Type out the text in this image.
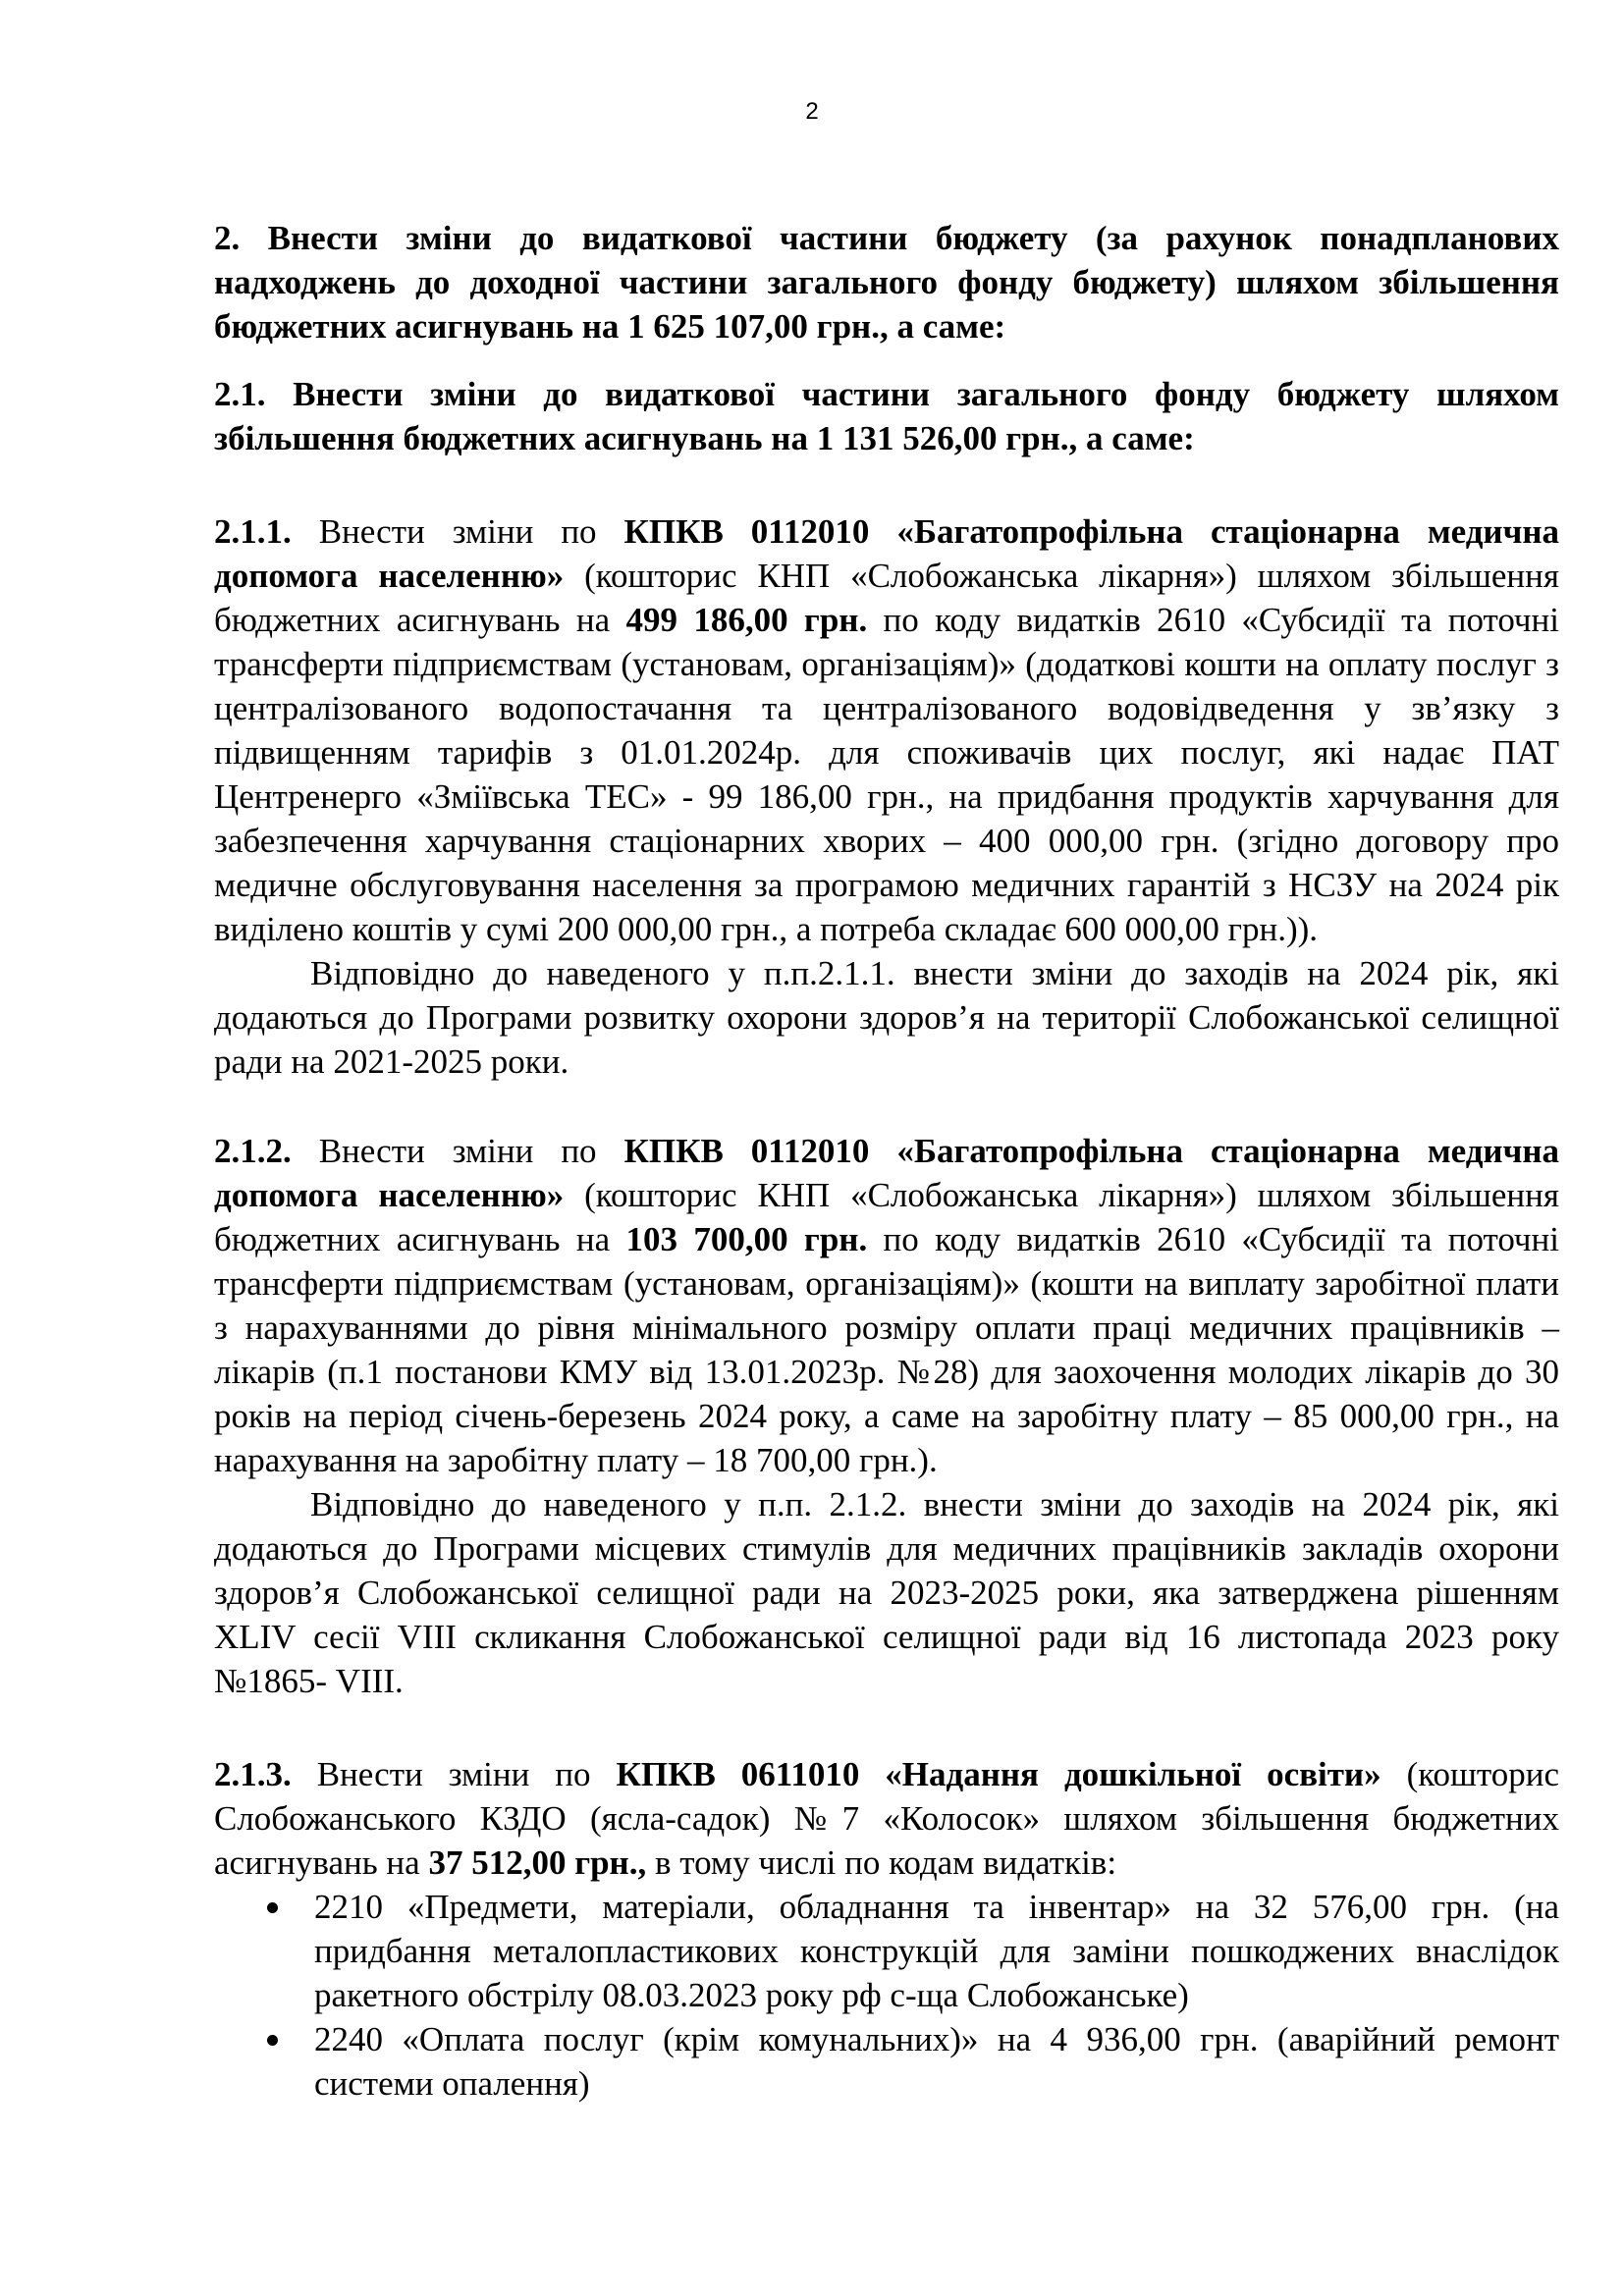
2

2. Внести зміни до видаткової частини бюджету (за рахунок понадпланових надходжень до доходної частини загального фонду бюджету) шляхом збільшення бюджетних асигнувань на 1 625 107,00 грн., а саме:

2.1. Внести зміни до видаткової частини загального фонду бюджету шляхом збільшення бюджетних асигнувань на 1 131 526,00 грн., а саме:

2.1.1. Внести зміни по КПКВ 0112010 «Багатопрофільна стаціонарна медична допомога населенню» (кошторис КНП «Слобожанська лікарня») шляхом збільшення бюджетних асигнувань на 499 186,00 грн. по коду видатків 2610 «Субсидії та поточні трансферти підприємствам (установам, організаціям)» (додаткові кошти на оплату послуг з централізованого водопостачання та централізованого водовідведення у зв’язку з підвищенням тарифів з 01.01.2024р. для споживачів цих послуг, які надає ПАТ Центренерго «Зміївська ТЕС» - 99 186,00 грн., на придбання продуктів харчування для забезпечення харчування стаціонарних хворих – 400 000,00 грн. (згідно договору про медичне обслуговування населення за програмою медичних гарантій з НСЗУ на 2024 рік виділено коштів у сумі 200 000,00 грн., а потреба складає 600 000,00 грн.)).

Відповідно до наведеного у п.п.2.1.1. внести зміни до заходів на 2024 рік, які додаються до Програми розвитку охорони здоров’я на території Слобожанської селищної ради на 2021-2025 роки.

2.1.2. Внести зміни по КПКВ 0112010 «Багатопрофільна стаціонарна медична допомога населенню» (кошторис КНП «Слобожанська лікарня») шляхом збільшення бюджетних асигнувань на 103 700,00 грн. по коду видатків 2610 «Субсидії та поточні трансферти підприємствам (установам, організаціям)» (кошти на виплату заробітної плати з нарахуваннями до рівня мінімального розміру оплати праці медичних працівників – лікарів (п.1 постанови КМУ від 13.01.2023р. №28) для заохочення молодих лікарів до 30 років на період січень-березень 2024 року, а саме на заробітну плату – 85 000,00 грн., на нарахування на заробітну плату – 18 700,00 грн.).

Відповідно до наведеного у п.п. 2.1.2. внести зміни до заходів на 2024 рік, які додаються до Програми місцевих стимулів для медичних працівників закладів охорони здоров’я Слобожанської селищної ради на 2023-2025 роки, яка затверджена рішенням XLIV сесії VIII скликання Слобожанської селищної ради від 16 листопада 2023 року №1865- VIII.

2.1.3. Внести зміни по КПКВ 0611010 «Надання дошкільної освіти» (кошторис Слобожанського КЗДО (ясла-садок) №7 «Колосок» шляхом збільшення бюджетних асигнувань на 37 512,00 грн., в тому числі по кодам видатків:

2210 «Предмети, матеріали, обладнання та інвентар» на 32 576,00 грн. (на придбання металопластикових конструкцій для заміни пошкоджених внаслідок ракетного обстрілу 08.03.2023 року рф с-ща Слобожанське)
2240 «Оплата послуг (крім комунальних)» на 4 936,00 грн. (аварійний ремонт системи опалення)
